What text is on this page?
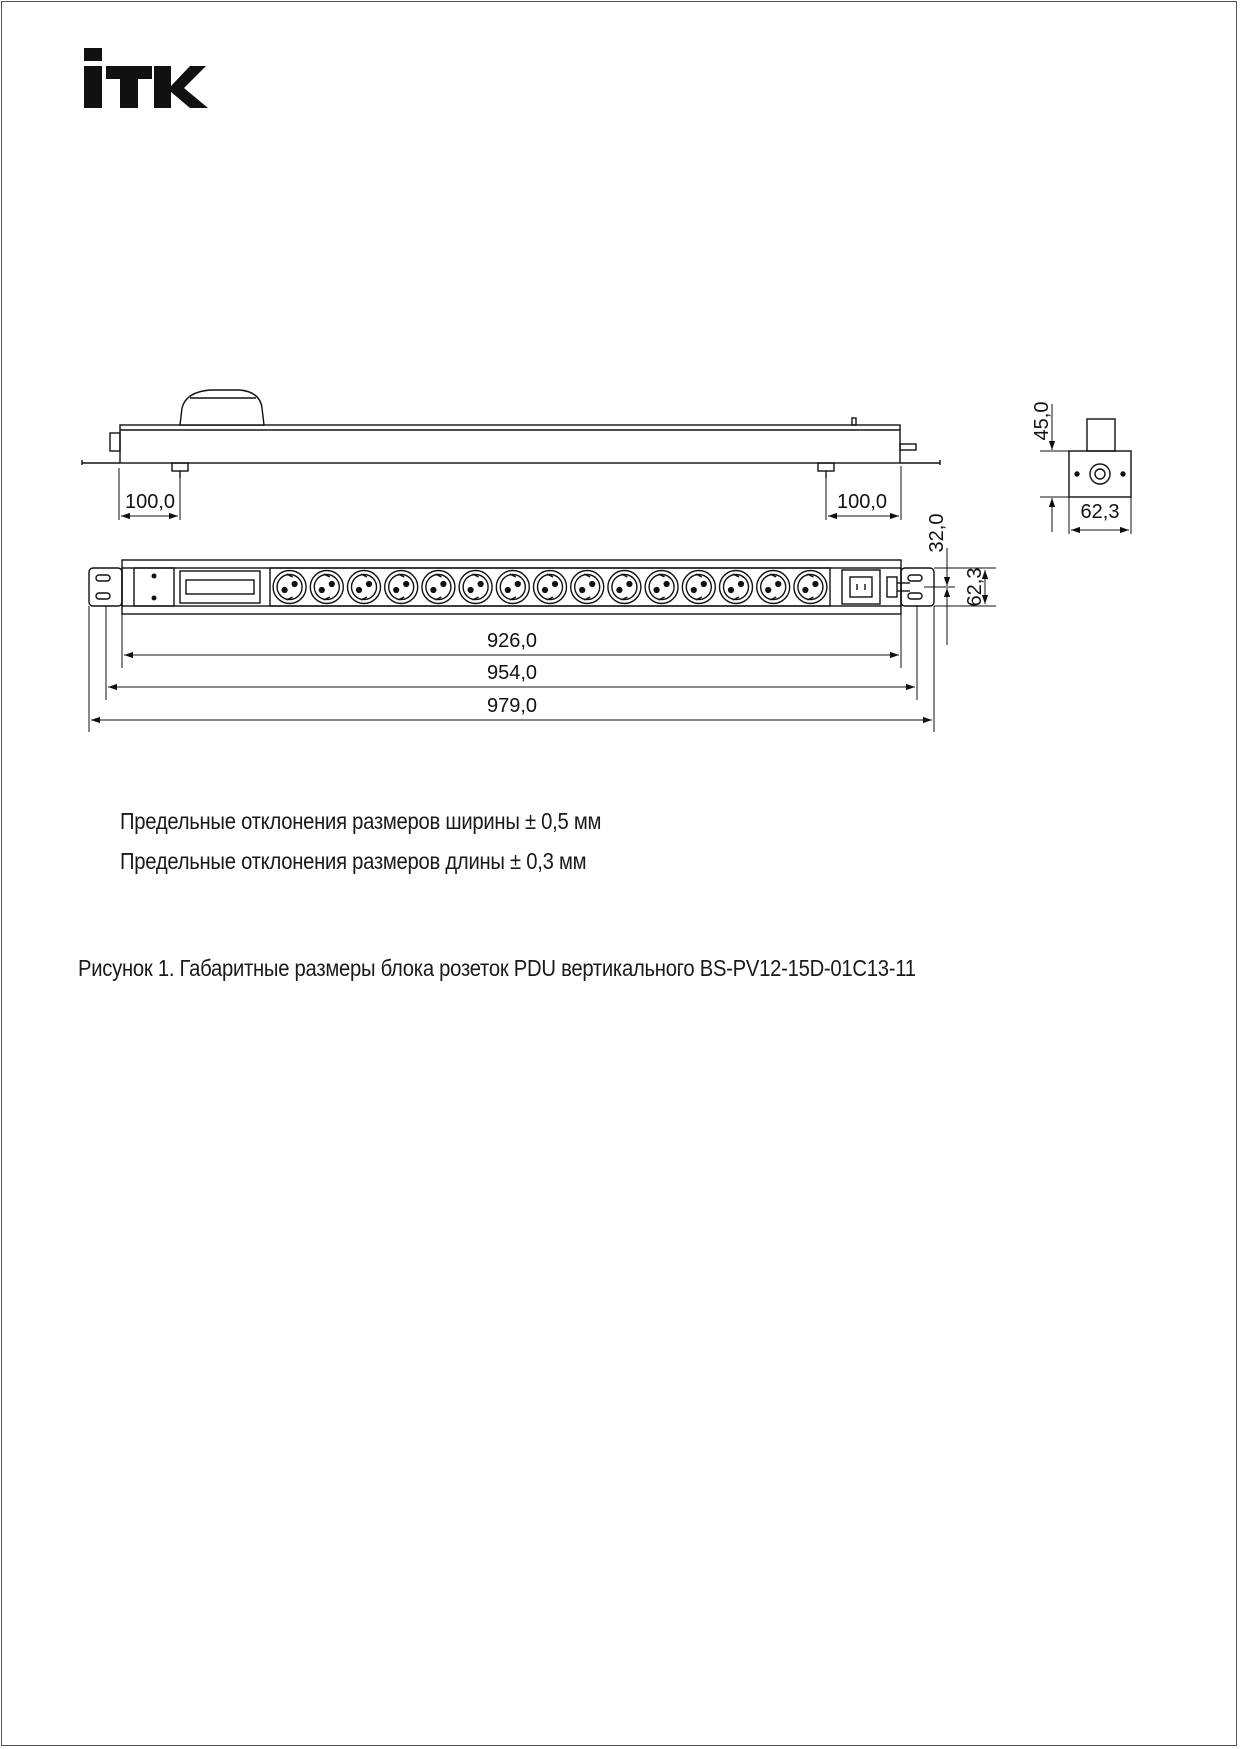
100,0	100,0
45,0
62,3
926,0
954,0
979,0
32,0
62,3
Предельные отклонения размеров ширины ± 0,5 мм
Предельные отклонения размеров длины ± 0,3 мм
Рисунок 1. Габаритные размеры блока розеток PDU вертикального BS-PV12-15D-01C13-11
